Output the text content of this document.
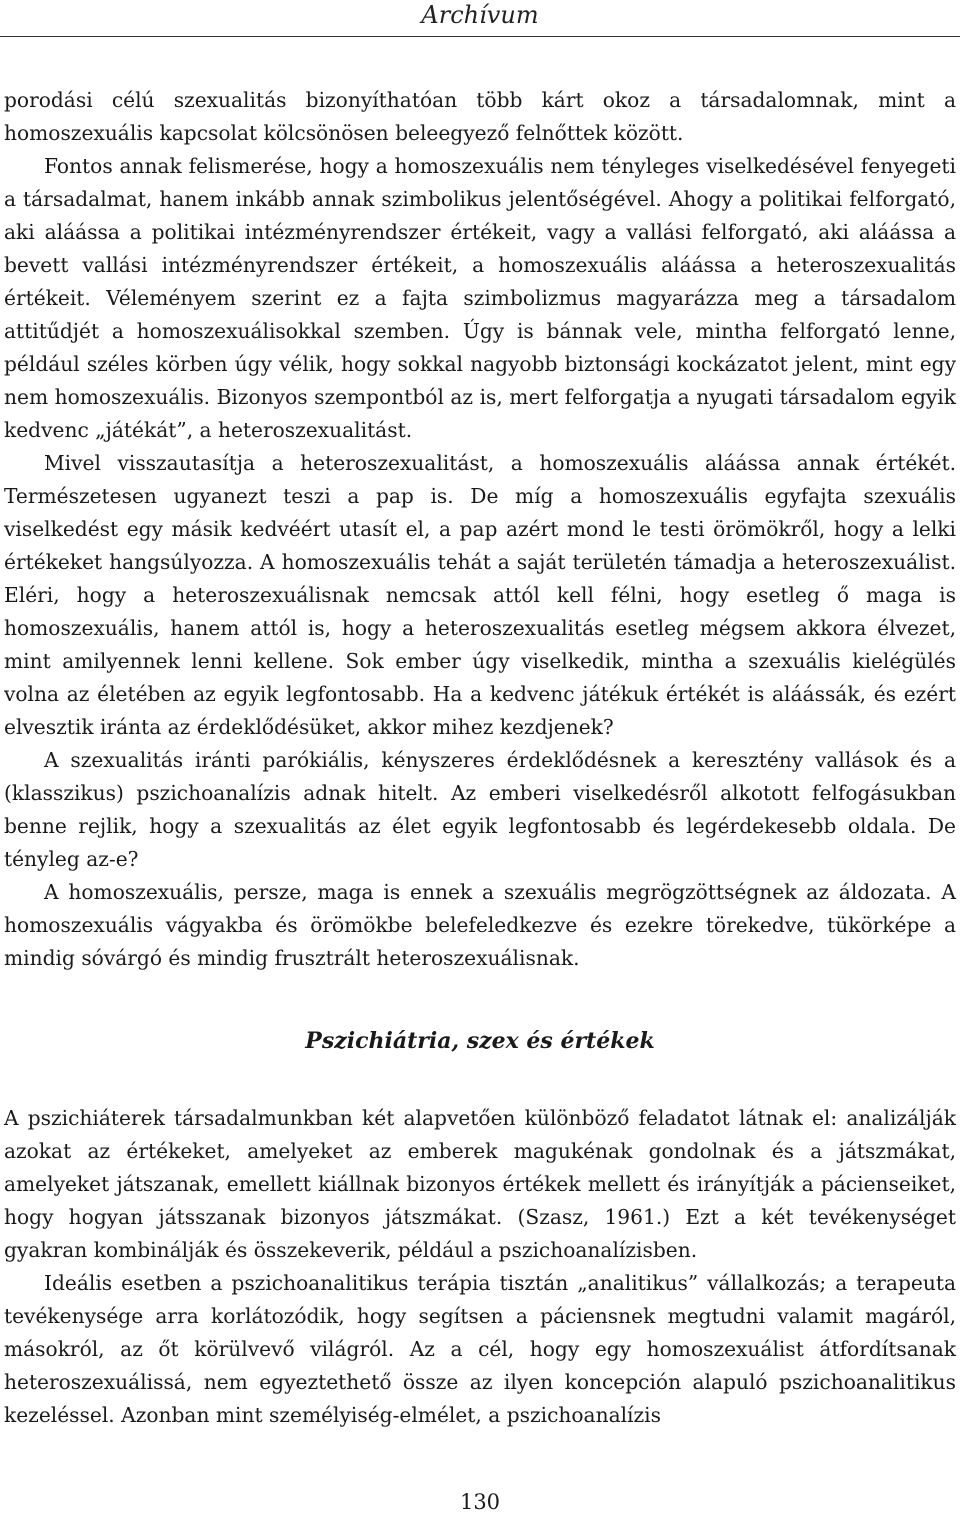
Archívum

porodási célú szexualitás bizonyíthatóan több kárt okoz a társadalomnak, mint a homoszexuális kapcsolat kölcsönösen beleegyező felnőttek között.

Fontos annak felismerése, hogy a homoszexuális nem tényleges viselkedésével fenyegeti a társadalmat, hanem inkább annak szimbolikus jelentőségével. Ahogy a politikai felforgató, aki aláássa a politikai intézményrendszer értékeit, vagy a vallási felforgató, aki aláássa a bevett vallási intézményrendszer értékeit, a homoszexuális aláássa a heteroszexualitás értékeit. Véleményem szerint ez a fajta szimbolizmus magyarázza meg a társadalom attitűdjét a homoszexuálisokkal szemben. Úgy is bánnak vele, mintha felforgató lenne, például széles körben úgy vélik, hogy sokkal nagyobb biztonsági kockázatot jelent, mint egy nem homoszexuális. Bizonyos szempontból az is, mert felforgatja a nyugati társadalom egyik kedvenc „játékát”, a heteroszexualitást.

Mivel visszautasítja a heteroszexualitást, a homoszexuális aláássa annak értékét. Természetesen ugyanezt teszi a pap is. De míg a homoszexuális egyfajta szexuális viselkedést egy másik kedvéért utasít el, a pap azért mond le testi örömökről, hogy a lelki értékeket hangsúlyozza. A homoszexuális tehát a saját területén támadja a heteroszexuálist. Eléri, hogy a heteroszexuálisnak nemcsak attól kell félni, hogy esetleg ő maga is homoszexuális, hanem attól is, hogy a heteroszexualitás esetleg mégsem akkora élvezet, mint amilyennek lenni kellene. Sok ember úgy viselkedik, mintha a szexuális kielégülés volna az életében az egyik legfontosabb. Ha a kedvenc játékuk értékét is aláássák, és ezért elvesztik iránta az érdeklődésüket, akkor mihez kezdjenek?

A szexualitás iránti parókiális, kényszeres érdeklődésnek a keresztény vallások és a (klasszikus) pszichoanalízis adnak hitelt. Az emberi viselkedésről alkotott felfogásukban benne rejlik, hogy a szexualitás az élet egyik legfontosabb és legérdekesebb oldala. De tényleg az-e?

A homoszexuális, persze, maga is ennek a szexuális megrögzöttségnek az áldozata. A homoszexuális vágyakba és örömökbe belefeledkezve és ezekre törekedve, tükörképe a mindig sóvárgó és mindig frusztrált heteroszexuálisnak.

Pszichiátria, szex és értékek

A pszichiáterek társadalmunkban két alapvetően különböző feladatot látnak el: analizálják azokat az értékeket, amelyeket az emberek magukénak gondolnak és a játszmákat, amelyeket játszanak, emellett kiállnak bizonyos értékek mellett és irányítják a pácienseiket, hogy hogyan játsszanak bizonyos játszmákat. (Szasz, 1961.) Ezt a két tevékenységet gyakran kombinálják és összekeverik, például a pszichoanalízisben.

Ideális esetben a pszichoanalitikus terápia tisztán „analitikus” vállalkozás; a terapeuta tevékenysége arra korlátozódik, hogy segítsen a páciensnek megtudni valamit magáról, másokról, az őt körülvevő világról. Az a cél, hogy egy homoszexuálist átfordítsanak heteroszexuálissá, nem egyeztethető össze az ilyen koncepción alapuló pszichoanalitikus kezeléssel. Azonban mint személyiség-elmélet, a pszichoanalízis

130
